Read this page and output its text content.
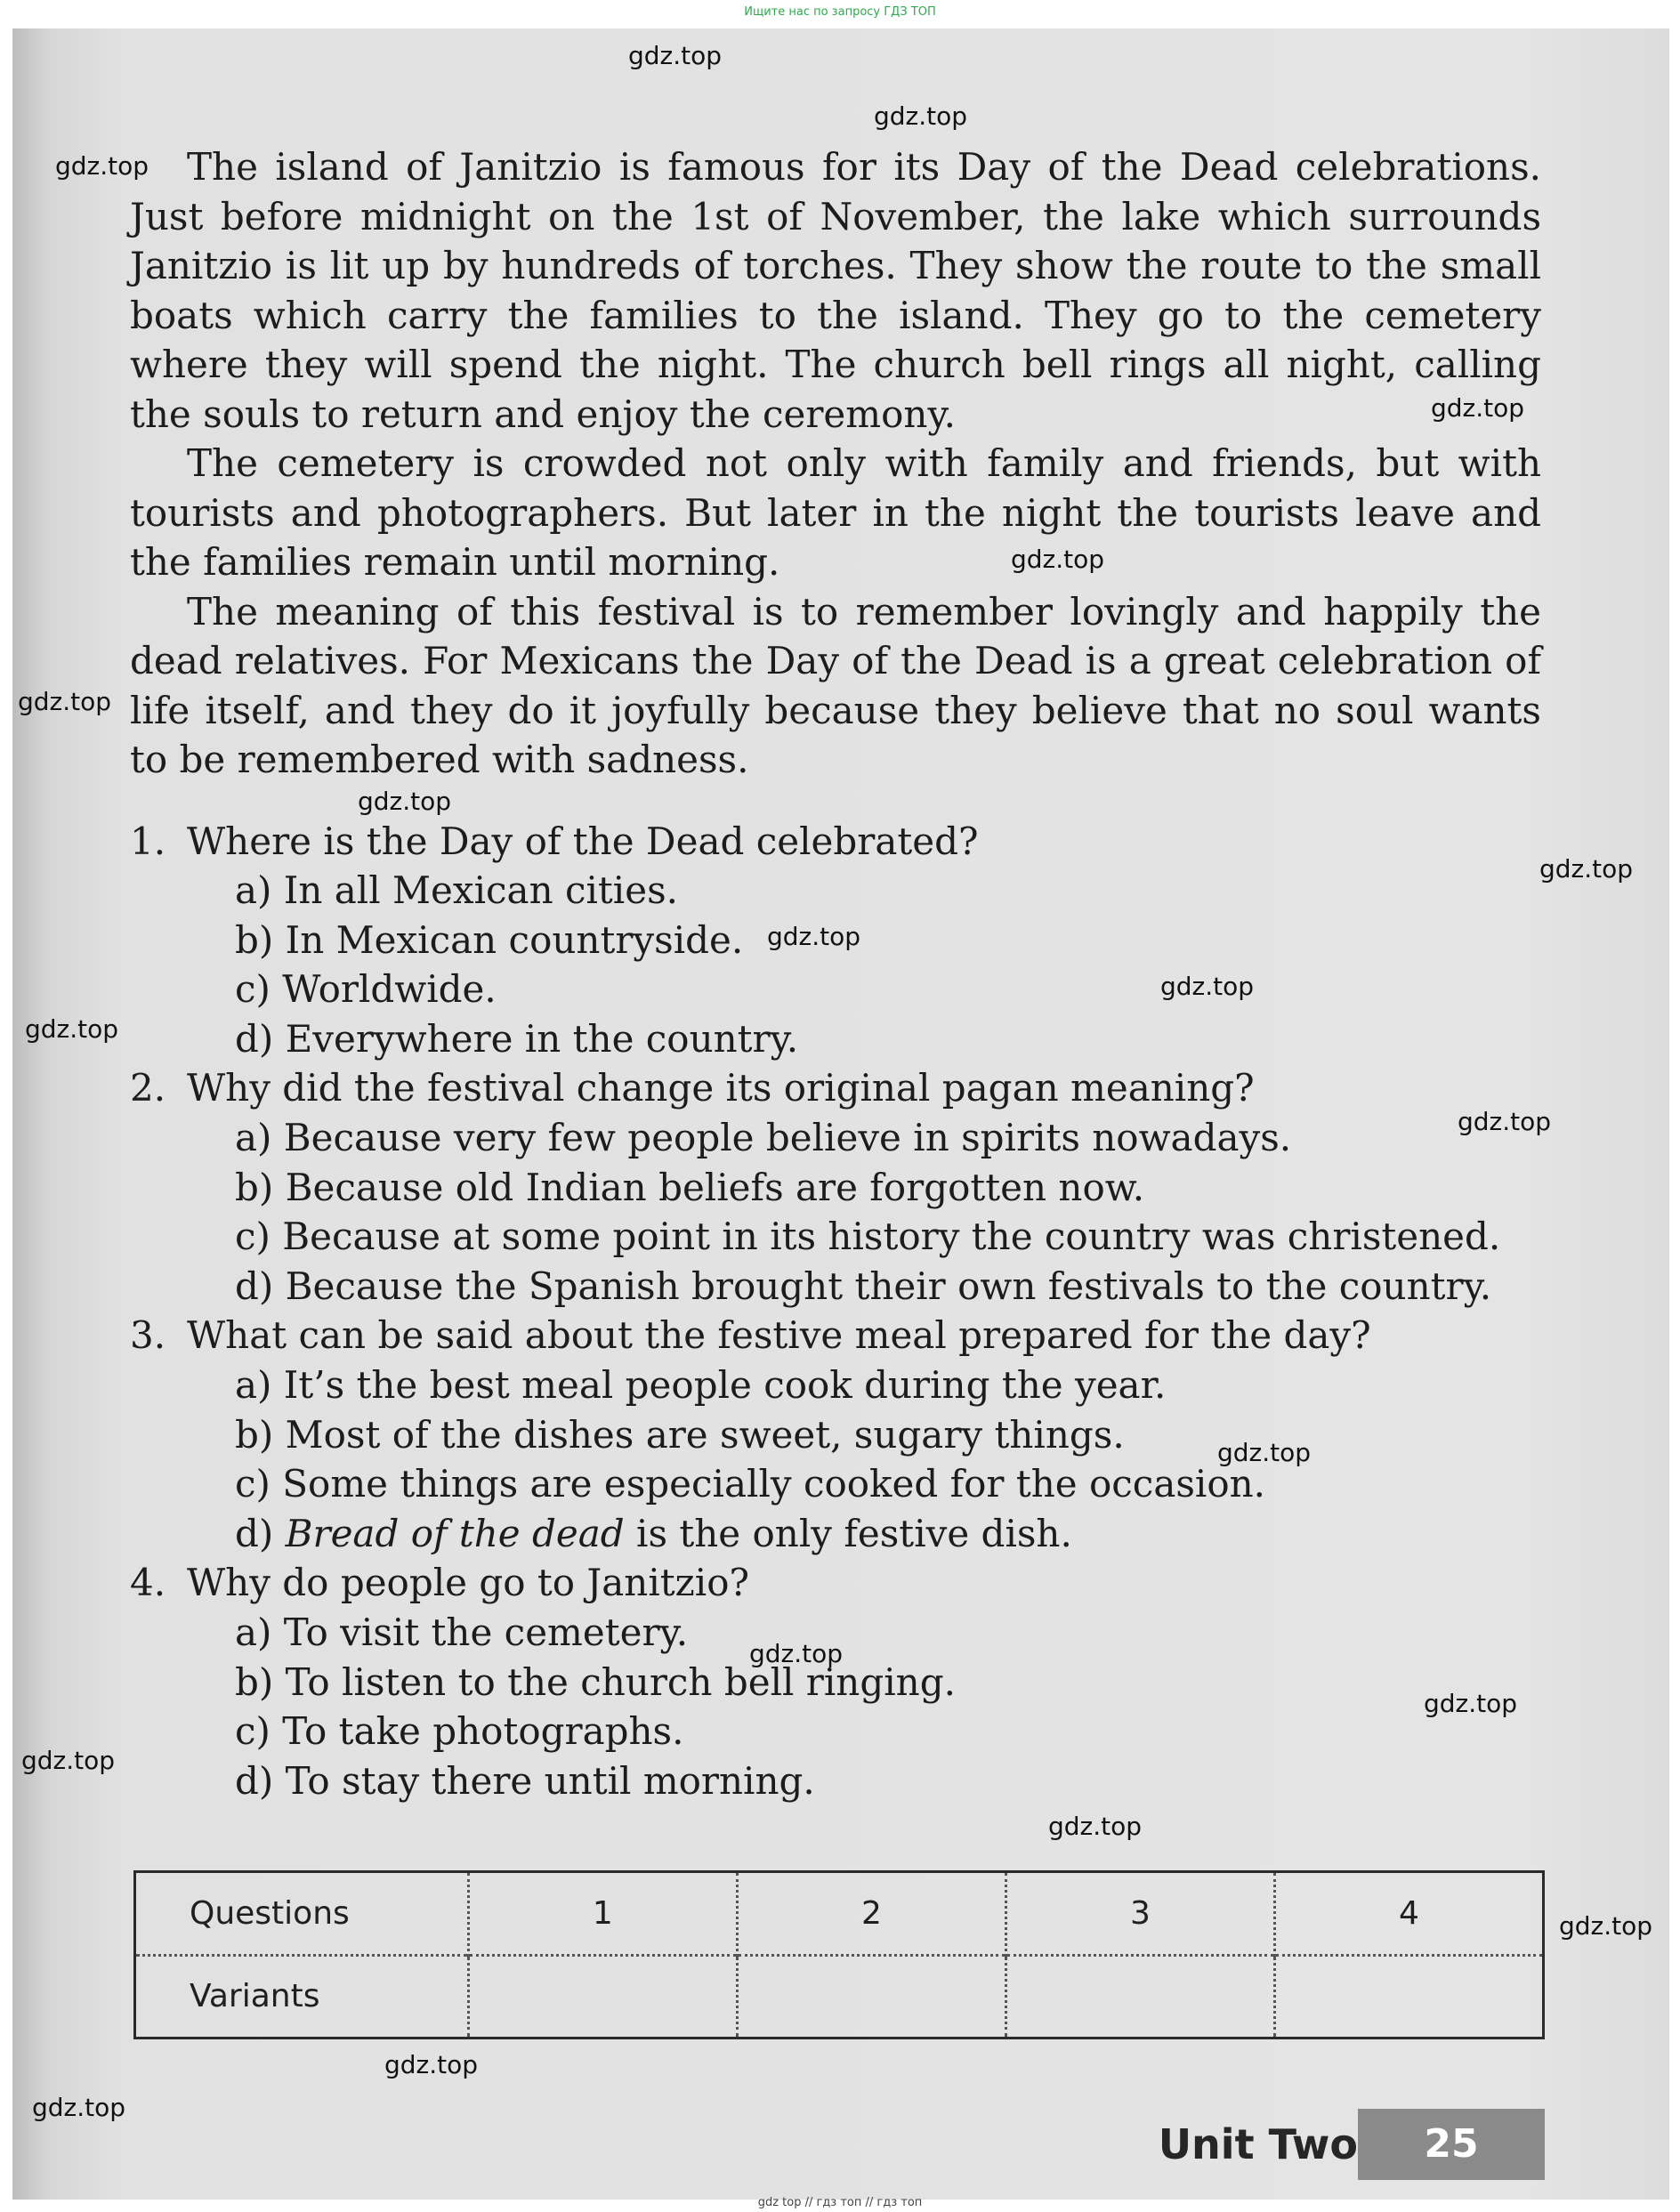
Ищите нас по запросу ГДЗ ТОП

The island of Janitzio is famous for its Day of the Dead celebrations. Just before midnight on the 1st of November, the lake which surrounds Janitzio is lit up by hundreds of torches. They show the route to the small boats which carry the families to the island. They go to the cemetery where they will spend the night. The church bell rings all night, calling the souls to return and enjoy the ceremony.

The cemetery is crowded not only with family and friends, but with tourists and photographers. But later in the night the tourists leave and the families remain until morning.

The meaning of this festival is to remember lovingly and happily the dead relatives. For Mexicans the Day of the Dead is a great celebration of life itself, and they do it joyfully because they believe that no soul wants to be remembered with sadness.

1. Where is the Day of the Dead celebrated?

a) In all Mexican cities.

b) In Mexican countryside.

c) Worldwide.

d) Everywhere in the country.

2. Why did the festival change its original pagan meaning?

a) Because very few people believe in spirits nowadays.

b) Because old Indian beliefs are forgotten now.

c) Because at some point in its history the country was christened.

d) Because the Spanish brought their own festivals to the country.

3. What can be said about the festive meal prepared for the day?

a) It’s the best meal people cook during the year.

b) Most of the dishes are sweet, sugary things.

c) Some things are especially cooked for the occasion.

d) Bread of the dead is the only festive dish.

4. Why do people go to Janitzio?

a) To visit the cemetery.

b) To listen to the church bell ringing.

c) To take photographs.

d) To stay there until morning.

Questions	1	2	3	4
Variants				
Unit Two	25
gdz.top
gdz.top
gdz.top
gdz.top
gdz.top
gdz.top
gdz.top
gdz.top
gdz.top
gdz.top
gdz.top
gdz.top
gdz.top
gdz.top
gdz.top
gdz.top
gdz.top
gdz.top
gdz.top
gdz.top
gdz top // гдз топ // гдз топ
